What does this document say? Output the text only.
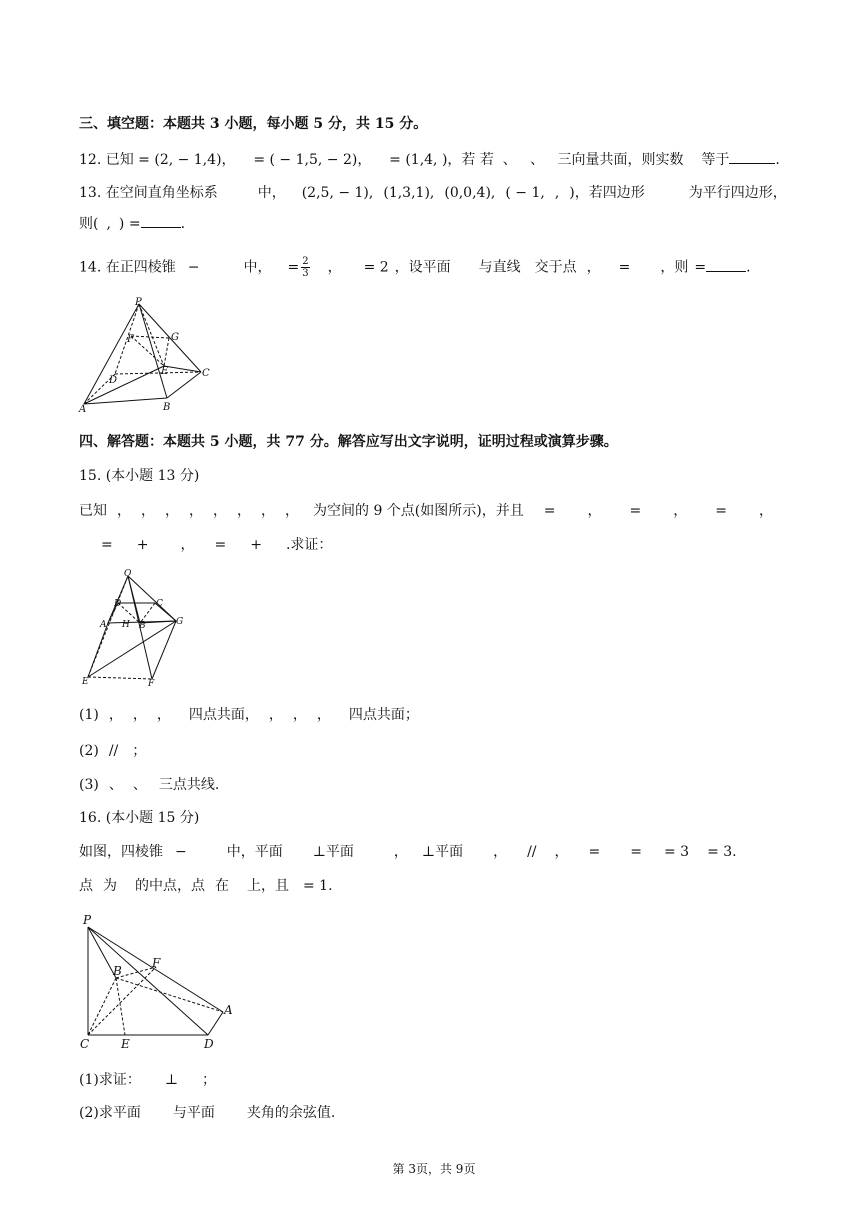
三、填空题：本题共 3 小题，每小题 5 分，共 15 分。
12. 已知 = (2, − 1,4)，    = ( − 1,5, − 2)，    = (1,4, )，若 若  、 、 三向量共面，则实数 等于	.
13. 在空间直角坐标系	中， (2,5, − 1), (1,3,1), (0,0,4), ( − 1, , )，若四边形	为平行四边形，
则( , ) =	.
14. 在正四棱锥 −	中， = $\frac{2}{3}$ ， = 2 ，设平面 与直线 交于点 ， = ，则 =	.
P
F	G
D
E	C
A	B
四、解答题：本题共 5 小题，共 77 分。解答应写出文字说明，证明过程或演算步骤。
15. (本小题 13 分)
已知 ， ， ， ， ， ， ， ， 为空间的 9 个点(如图所示)，并且 = ， = ， = ，
= + ， = + .求证：
O
D	C
A H B	G
E	F
(1) ， ， ， 四点共面， ， ， ， 四点共面；
(2) // ；
(3) 、 、 三点共线.
16. (本小题 15 分)
如图，四棱锥 −	中，平面 ⊥平面	， ⊥平面 ， // ， = = = 3 = 3.
点 为 的中点，点 在 上，且 = 1.
P
B
F
A
C	E	D
(1)求证： ⊥ ；
(2)求平面 与平面 夹角的余弦值.
第 3页，共 9页
